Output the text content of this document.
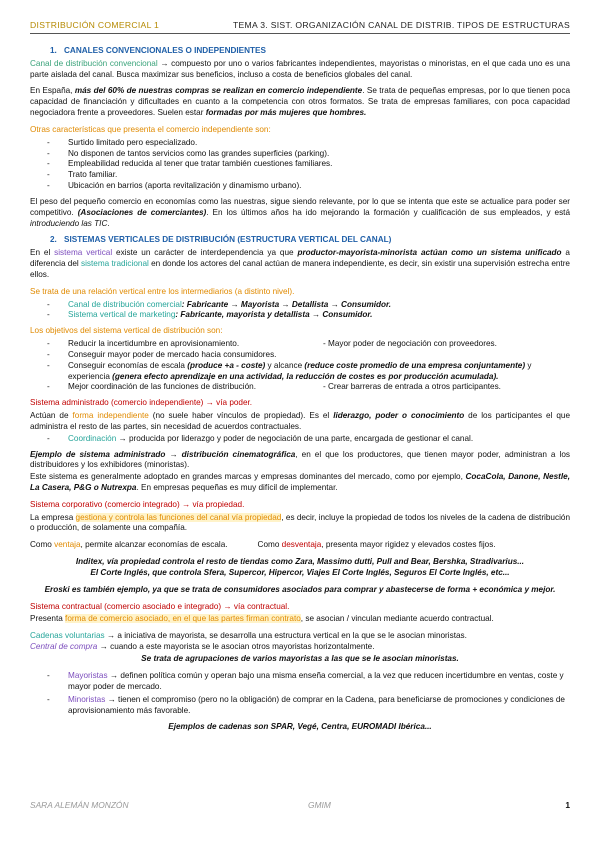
DISTRIBUCIÓN COMERCIAL 1	TEMA 3. SIST. ORGANIZACIÓN CANAL DE DISTRIB. TIPOS DE ESTRUCTURAS
1. CANALES CONVENCIONALES O INDEPENDIENTES

Canal de distribución convencional → compuesto por uno o varios fabricantes independientes, mayoristas o minoristas, en el que cada uno es una parte aislada del canal. Busca maximizar sus beneficios, incluso a costa de beneficios globales del canal.

En España, más del 60% de nuestras compras se realizan en comercio independiente. Se trata de pequeñas empresas, por lo que tienen poca capacidad de financiación y dificultades en cuanto a la competencia con otros formatos. Se trata de empresas familiares, con poca capacidad negociadora frente a proveedores. Suelen estar formadas por más mujeres que hombres.

Otras características que presenta el comercio independiente son:
- Surtido limitado pero especializado.
- No disponen de tantos servicios como las grandes superficies (parking).
- Empleabilidad reducida al tener que tratar también cuestiones familiares.
- Trato familiar.
- Ubicación en barrios (aporta revitalización y dinamismo urbano).

El peso del pequeño comercio en economías como las nuestras, sigue siendo relevante, por lo que se intenta que este se actualice para poder ser competitivo. (Asociaciones de comerciantes). En los últimos años ha ido mejorando la formación y cualificación de sus empleados, y está introduciendo las TIC.

2. SISTEMAS VERTICALES DE DISTRIBUCIÓN (ESTRUCTURA VERTICAL DEL CANAL)

En el sistema vertical existe un carácter de interdependencia ya que productor-mayorista-minorista actúan como un sistema unificado a diferencia del sistema tradicional en donde los actores del canal actúan de manera independiente, es decir, sin existir una supervisión estrecha entre ellos.

Se trata de una relación vertical entre los intermediarios (a distinto nivel).
- Canal de distribución comercial: Fabricante → Mayorista → Detallista → Consumidor.
- Sistema vertical de marketing: Fabricante, mayorista y detallista → Consumidor.
Los objetivos del sistema vertical de distribución son:
- Reducir la incertidumbre en aprovisionamiento.	- Mayor poder de negociación con proveedores.
- Conseguir mayor poder de mercado hacia consumidores.
- Conseguir economías de escala (produce +a - coste) y alcance (reduce coste promedio de una empresa conjuntamente) y experiencia (genera efecto aprendizaje en una actividad, la reducción de costes es por producción acumulada).
- Mejor coordinación de las funciones de distribución.	- Crear barreras de entrada a otros participantes.
Sistema administrado (comercio independiente) → vía poder.

Actúan de forma independiente (no suele haber vínculos de propiedad). Es el liderazgo, poder o conocimiento de los participantes el que administra el resto de las partes, sin necesidad de acuerdos contractuales.

- Coordinación → producida por liderazgo y poder de negociación de una parte, encargada de gestionar el canal.

Ejemplo de sistema administrado → distribución cinematográfica, en el que los productores, que tienen mayor poder, administran a los distribuidores y los exhibidores (minoristas).

Este sistema es generalmente adoptado en grandes marcas y empresas dominantes del mercado, como por ejemplo, CocaCola, Danone, Nestle, La Casera, P&G o Nutrexpa. En empresas pequeñas es muy difícil de implementar.

Sistema corporativo (comercio integrado) → vía propiedad.

La empresa gestiona y controla las funciones del canal vía propiedad, es decir, incluye la propiedad de todos los niveles de la cadena de distribución o producción, de solamente una compañía.

Como ventaja, permite alcanzar economías de escala.	Como desventaja, presenta mayor rigidez y elevados costes fijos.

Inditex, vía propiedad controla el resto de tiendas como Zara, Massimo dutti, Pull and Bear, Bershka, Stradivarius...
El Corte Inglés, que controla Sfera, Supercor, Hipercor, Viajes El Corte Inglés, Seguros El Corte Inglés, etc...
Eroski es también ejemplo, ya que se trata de consumidores asociados para comprar y abastecerse de forma + económica y mejor.
Sistema contractual (comercio asociado e integrado) → vía contractual.

Presenta forma de comercio asociado, en el que las partes firman contrato, se asocian / vinculan mediante acuerdo contractual.

Cadenas voluntarias → a iniciativa de mayorista, se desarrolla una estructura vertical en la que se le asocian minoristas.

Central de compra → cuando a este mayorista se le asocian otros mayoristas horizontalmente.

Se trata de agrupaciones de varios mayoristas a las que se le asocian minoristas.
- Mayoristas → definen política común y operan bajo una misma enseña comercial, a la vez que reducen incertidumbre en ventas, coste y mayor poder de mercado.
- Minoristas → tienen el compromiso (pero no la obligación) de comprar en la Cadena, para beneficiarse de promociones y condiciones de aprovisionamiento más favorable.
Ejemplos de cadenas son SPAR, Vegé, Centra, EUROMADI Ibérica...
SARA ALEMÁN MONZÓN	GMIM	1
